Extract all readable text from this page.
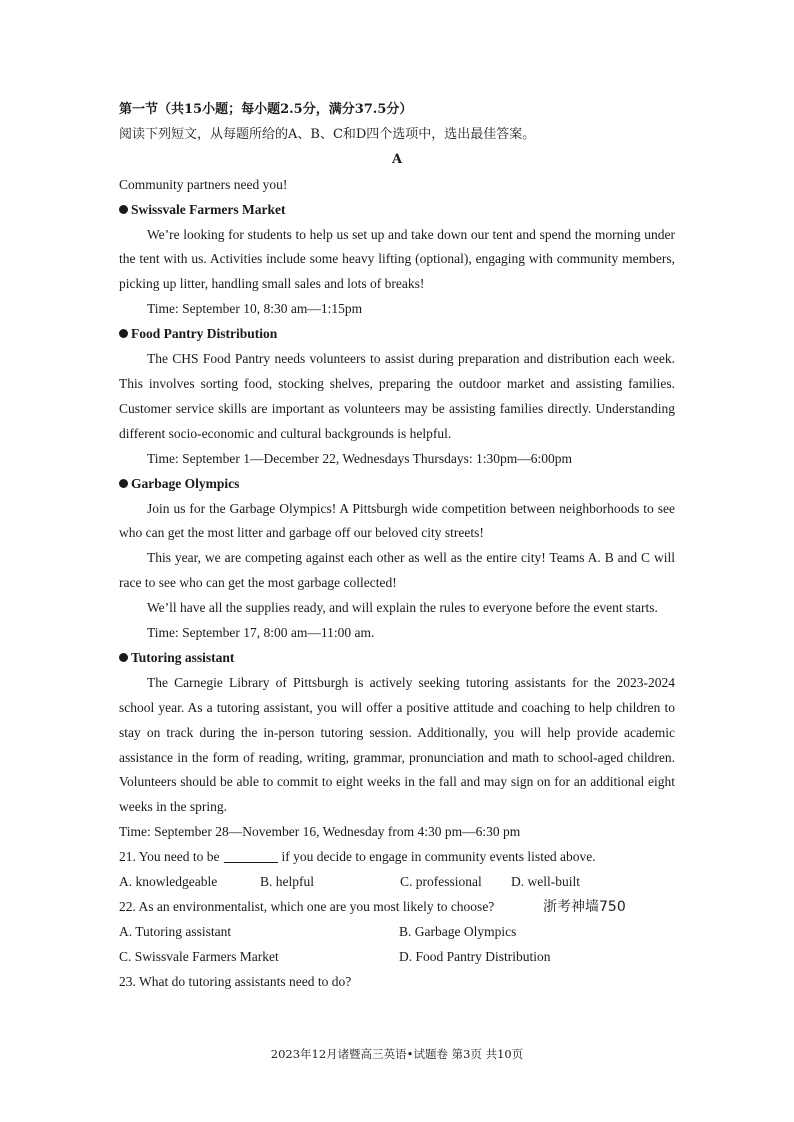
第一节（共15小题；每小题2.5分，满分37.5分）
阅读下列短文，从每题所给的A、B、C和D四个选项中，选出最佳答案。
A
Community partners need you!
Swissvale Farmers Market
We’re looking for students to help us set up and take down our tent and spend the morning under the tent with us. Activities include some heavy lifting (optional), engaging with community members, picking up litter, handling small sales and lots of breaks!
Time: September 10, 8:30 am—1:15pm
Food Pantry Distribution
The CHS Food Pantry needs volunteers to assist during preparation and distribution each week. This involves sorting food, stocking shelves, preparing the outdoor market and assisting families. Customer service skills are important as volunteers may be assisting families directly. Understanding different socio-economic and cultural backgrounds is helpful.
Time: September 1—December 22, Wednesdays Thursdays: 1:30pm—6:00pm
Garbage Olympics
Join us for the Garbage Olympics! A Pittsburgh wide competition between neighborhoods to see who can get the most litter and garbage off our beloved city streets!
This year, we are competing against each other as well as the entire city! Teams A. B and C will race to see who can get the most garbage collected!
We’ll have all the supplies ready, and will explain the rules to everyone before the event starts.
Time: September 17, 8:00 am—11:00 am.
Tutoring assistant
The Carnegie Library of Pittsburgh is actively seeking tutoring assistants for the 2023-2024 school year. As a tutoring assistant, you will offer a positive attitude and coaching to help children to stay on track during the in-person tutoring session. Additionally, you will help provide academic assistance in the form of reading, writing, grammar, pronunciation and math to school-aged children. Volunteers should be able to commit to eight weeks in the fall and may sign on for an additional eight weeks in the spring.
Time: September 28—November 16, Wednesday from 4:30 pm—6:30 pm
21. You need to be	if you decide to engage in community events listed above.
A. knowledgeable	B. helpful	C. professional	D. well-built
22. As an environmentalist, which one are you most likely to choose?	浙考神墙750
A. Tutoring assistant	B. Garbage Olympics
C. Swissvale Farmers Market	D. Food Pantry Distribution
23. What do tutoring assistants need to do?
2023年12月诸暨高三英语•试题卷 第3页 共10页
